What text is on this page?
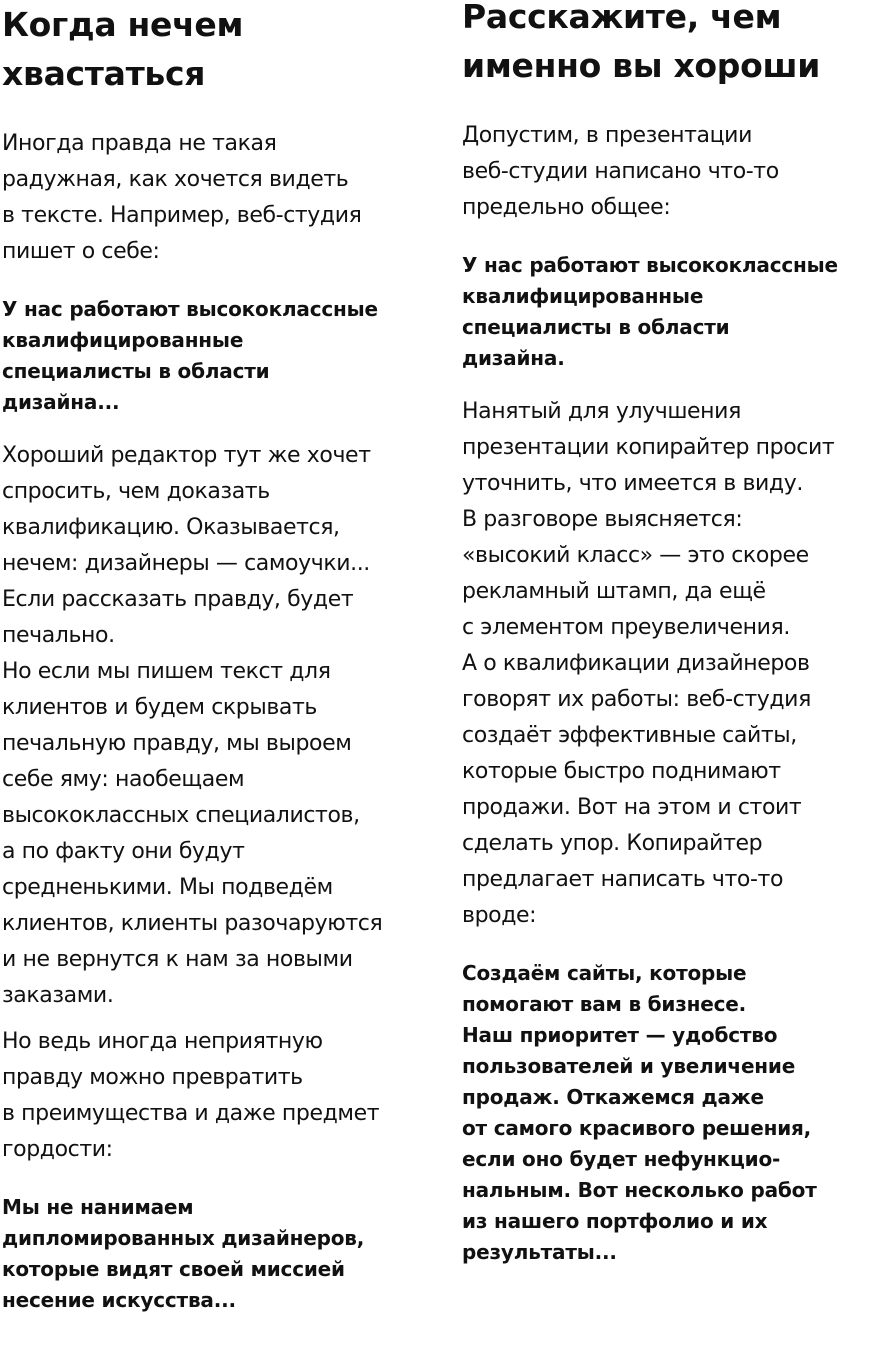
Когда нечем
хвастаться

Иногда правда не такая
радужная, как хочется видеть
в тексте. Например, веб-студия
пишет о себе:

У нас работают высококлассные
квалифицированные
специалисты в области
дизайна...

Хороший редактор тут же хочет
спросить, чем доказать
квалификацию. Оказывается,
нечем: дизайнеры — самоучки...
Если рассказать правду, будет
печально.

Но если мы пишем текст для
клиентов и будем скрывать
печальную правду, мы выроем
себе яму: наобещаем
высококлассных специалистов,
а по факту они будут
средненькими. Мы подведём
клиентов, клиенты разочаруются
и не вернутся к нам за новыми
заказами.

Но ведь иногда неприятную
правду можно превратить
в преимущества и даже предмет
гордости:

Мы не нанимаем
дипломированных дизайнеров,
которые видят своей миссией
несение искусства...

Расскажите, чем
именно вы хороши

Допустим, в презентации
веб-студии написано что-то
предельно общее:

У нас работают высококлассные
квалифицированные
специалисты в области
дизайна.

Нанятый для улучшения
презентации копирайтер просит
уточнить, что имеется в виду.
В разговоре выясняется:
«высокий класс» — это скорее
рекламный штамп, да ещё
с элементом преувеличения.
А о квалификации дизайнеров
говорят их работы: веб-студия
создаёт эффективные сайты,
которые быстро поднимают
продажи. Вот на этом и стоит
сделать упор. Копирайтер
предлагает написать что-то
вроде:

Создаём сайты, которые
помогают вам в бизнесе.
Наш приоритет — удобство
пользователей и увеличение
продаж. Откажемся даже
от самого красивого решения,
если оно будет нефункцио-
нальным. Вот несколько работ
из нашего портфолио и их
результаты...
